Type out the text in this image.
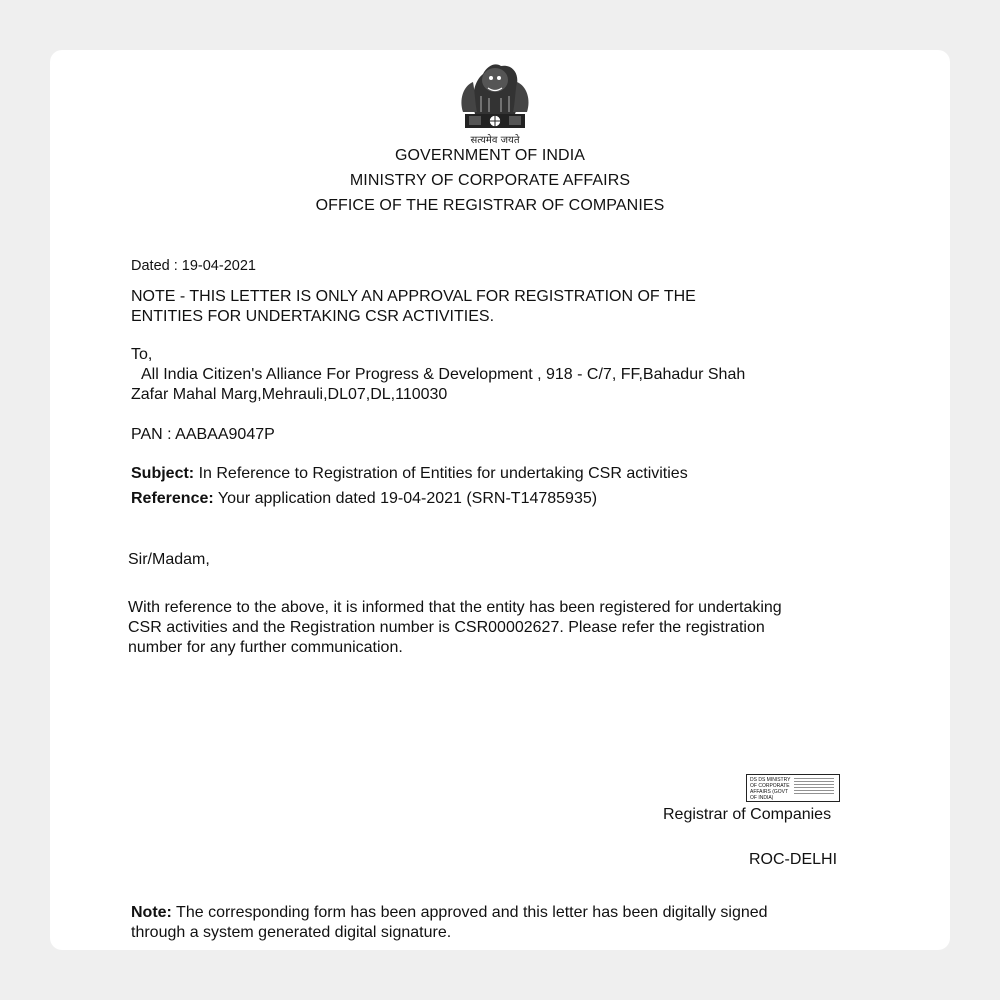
सत्यमेव जयते
GOVERNMENT OF INDIA
MINISTRY OF CORPORATE AFFAIRS
OFFICE OF THE REGISTRAR OF COMPANIES
Dated : 19-04-2021
NOTE - THIS LETTER IS ONLY AN APPROVAL FOR REGISTRATION OF THE
ENTITIES FOR UNDERTAKING CSR ACTIVITIES.
To,
All India Citizen's Alliance For Progress & Development , 918 - C/7, FF,Bahadur Shah
Zafar Mahal Marg,Mehrauli,DL07,DL,110030
PAN : AABAA9047P
Subject: In Reference to Registration of Entities for undertaking CSR activities
Reference: Your application dated 19-04-2021 (SRN-T14785935)
Sir/Madam,
With reference to the above, it is informed that the entity has been registered for undertaking
CSR activities and the Registration number is CSR00002627. Please refer the registration
number for any further communication.
DS DS MINISTRY OF CORPORATE AFFAIRS (GOVT OF INDIA)
Registrar of Companies
ROC-DELHI
Note: The corresponding form has been approved and this letter has been digitally signed
through a system generated digital signature.
